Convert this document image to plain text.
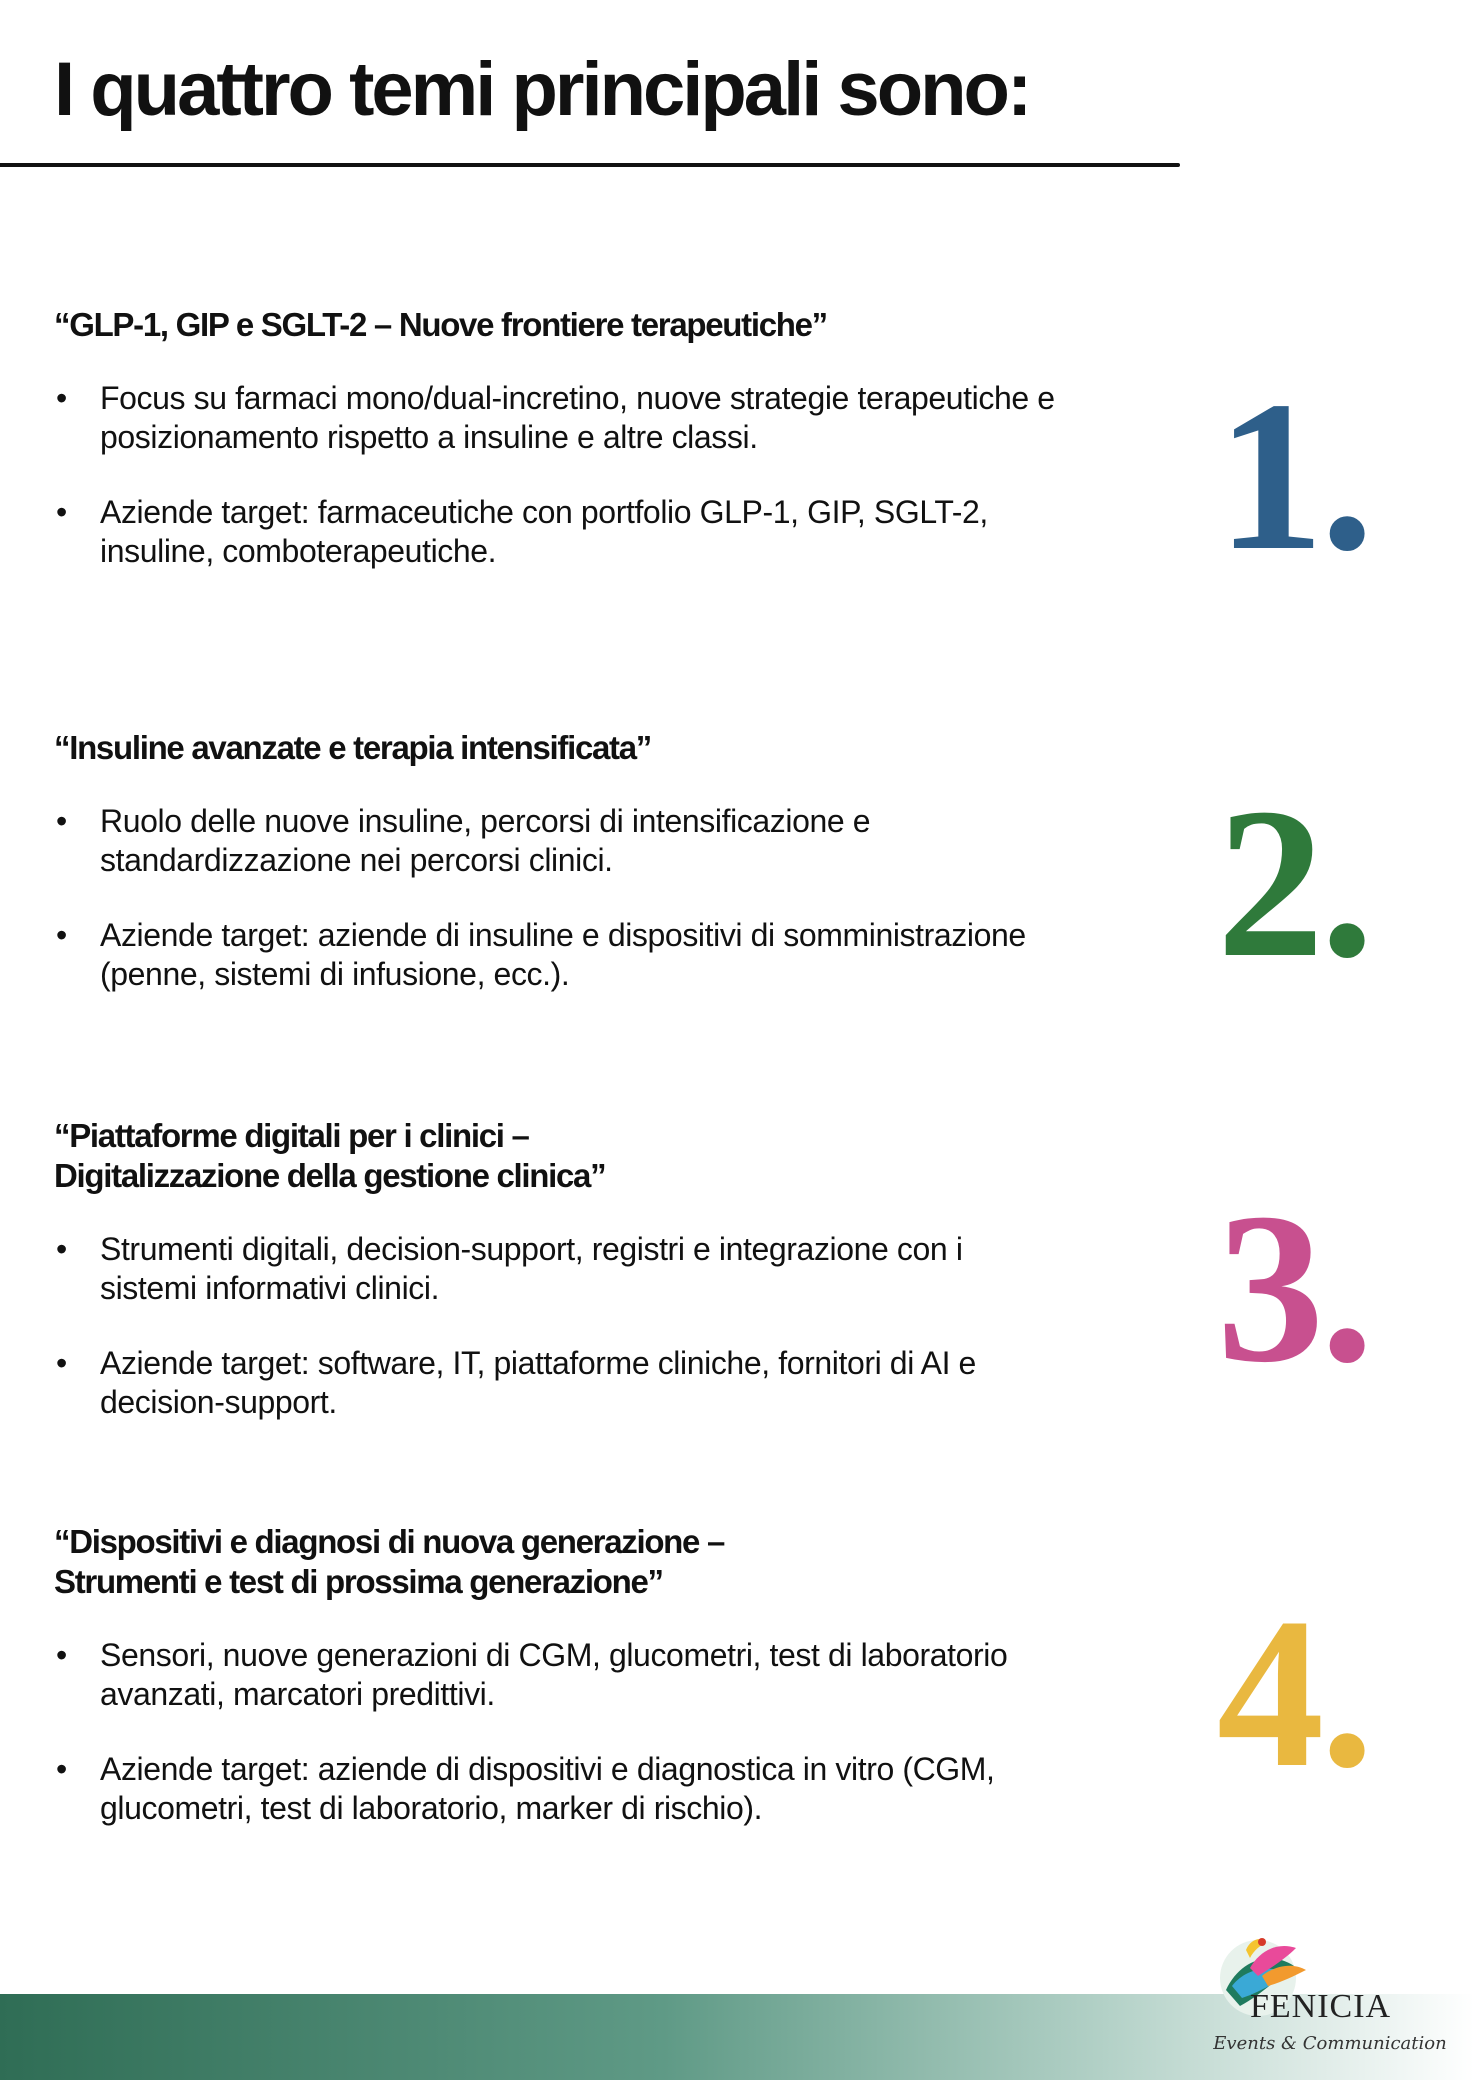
I quattro temi principali sono:
“GLP-1, GIP e SGLT-2 – Nuove frontiere terapeutiche”
• Focus su farmaci mono/dual-incretino, nuove strategie terapeutiche e posizionamento rispetto a insuline e altre classi.
• Aziende target: farmaceutiche con portfolio GLP-1, GIP, SGLT-2, insuline, comboterapeutiche.	1.
“Insuline avanzate e terapia intensificata”
• Ruolo delle nuove insuline, percorsi di intensificazione e standardizzazione nei percorsi clinici.
• Aziende target: aziende di insuline e dispositivi di somministrazione (penne, sistemi di infusione, ecc.).	2.
“Piattaforme digitali per i clinici –
Digitalizzazione della gestione clinica”
• Strumenti digitali, decision-support, registri e integrazione con i sistemi informativi clinici.
• Aziende target: software, IT, piattaforme cliniche, fornitori di AI e decision-support.	3.
“Dispositivi e diagnosi di nuova generazione –
Strumenti e test di prossima generazione”
• Sensori, nuove generazioni di CGM, glucometri, test di laboratorio avanzati, marcatori predittivi.
• Aziende target: aziende di dispositivi e diagnostica in vitro (CGM, glucometri, test di laboratorio, marker di rischio).	4.
FENICIA
Events & Communication
